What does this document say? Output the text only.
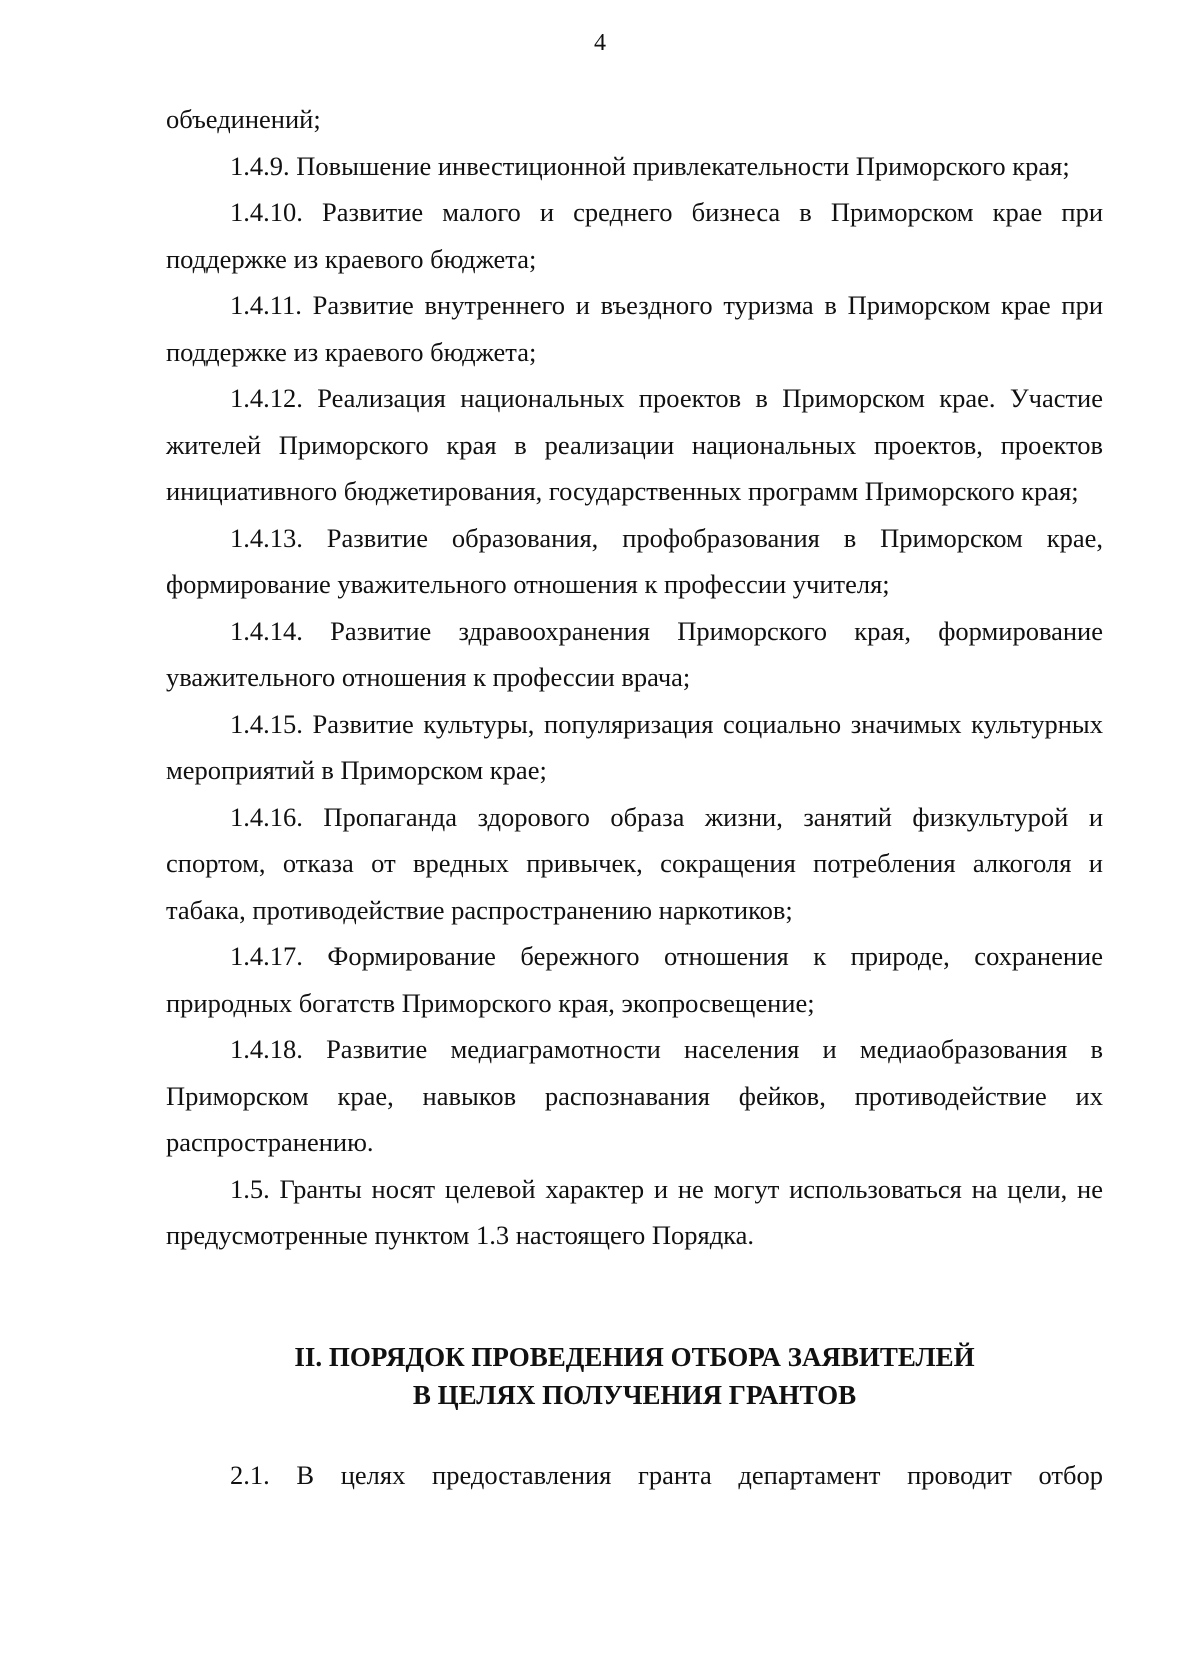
4

объединений;

1.4.9. Повышение инвестиционной привлекательности Приморского края;

1.4.10. Развитие малого и среднего бизнеса в Приморском крае при поддержке из краевого бюджета;

1.4.11. Развитие внутреннего и въездного туризма в Приморском крае при поддержке из краевого бюджета;

1.4.12. Реализация национальных проектов в Приморском крае. Участие жителей Приморского края в реализации национальных проектов, проектов инициативного бюджетирования, государственных программ Приморского края;

1.4.13. Развитие образования, профобразования в Приморском крае, формирование уважительного отношения к профессии учителя;

1.4.14. Развитие здравоохранения Приморского края, формирование уважительного отношения к профессии врача;

1.4.15. Развитие культуры, популяризация социально значимых культурных мероприятий в Приморском крае;

1.4.16. Пропаганда здорового образа жизни, занятий физкультурой и спортом, отказа от вредных привычек, сокращения потребления алкоголя и табака, противодействие распространению наркотиков;

1.4.17. Формирование бережного отношения к природе, сохранение природных богатств Приморского края, экопросвещение;

1.4.18. Развитие медиаграмотности населения и медиаобразования в Приморском крае, навыков распознавания фейков, противодействие их распространению.

1.5. Гранты носят целевой характер и не могут использоваться на цели, не предусмотренные пунктом 1.3 настоящего Порядка.

II. ПОРЯДОК ПРОВЕДЕНИЯ ОТБОРА ЗАЯВИТЕЛЕЙ
В ЦЕЛЯХ ПОЛУЧЕНИЯ ГРАНТОВ

2.1. В целях предоставления гранта департамент проводит отбор
